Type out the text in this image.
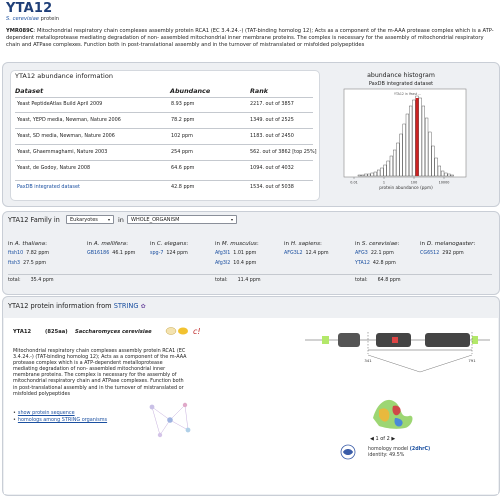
YTA12
S. cerevisiae protein
YMR089C: Mitochondrial respiratory chain complexes assembly protein RCA1 (EC 3.4.24.-) (TAT-binding homolog 12); Acts as a component of the m-AAA protease complex which is a ATP-dependent metalloprotease mediating degradation of non- assembled mitochondrial inner membrane proteins. The complex is necessary for the assembly of mitochondrial respiratory chain and ATPase complexes. Function both in post-translational assembly and in the turnover of mistranslated or misfolded polypeptides
YTA12 abundance information
Dataset	Abundance	Rank
Yeast PeptideAtlas Build April 2009	8.93 ppm	2217. out of 3857
Yeast, YEPD media, Newman, Nature 2006	78.2 ppm	1349. out of 2525
Yeast, SD media, Newman, Nature 2006	102 ppm	1183. out of 2450
Yeast, Ghaemmaghami, Nature 2003	254 ppm	562. out of 3862 [top 25%]
Yeast, de Godoy, Nature 2008	64.6 ppm	1094. out of 4032
PaxDB integrated dataset	42.8 ppm	1534. out of 5038
abundance histogram
PaxDB integrated dataset
YTA12 in Yeast ...
0.01	1	100	10000
protein abundance (ppm)
YTA12 Family in	Eukaryotes	▾ in	WHOLE_ORGANISM	▾
in A. thaliana:
ftsh10 7.82 ppm
ftsh3 27.5 ppm
total: 35.4 ppm
in A. mellifera:
GB16186 46.1 ppm
in C. elegans:
spg-7 124 ppm
in M. musculus:
Afg3l1 1.01 ppm
Afg3l2 10.4 ppm
total: 11.4 ppm
in H. sapiens:
AFG3L2 12.4 ppm
in S. cerevisiae:
AFG3 22.1 ppm
YTA12 42.8 ppm
total: 64.8 ppm
in D. melanogaster:
CG6512 292 ppm
YTA12 protein information from STRING ✿
YTA12	(825aa) Saccharomyces cerevisiae	c!
Mitochondrial respiratory chain complexes assembly protein RCA1 (EC 3.4.24.-) (TAT-binding homolog 12); Acts as a component of the m-AAA protease complex which is a ATP-dependent metalloprotease mediating degradation of non- assembled mitochondrial inner membrane proteins. The complex is necessary for the assembly of mitochondrial respiratory chain and ATPase complexes. Function both in post-translational assembly and in the turnover of mistranslated or misfolded polypeptides
• show protein sequence
• homologs among STRING organisms
341	791
◀ 1 of 2 ▶
homology model (2dhrC)
identity: 49.5%
